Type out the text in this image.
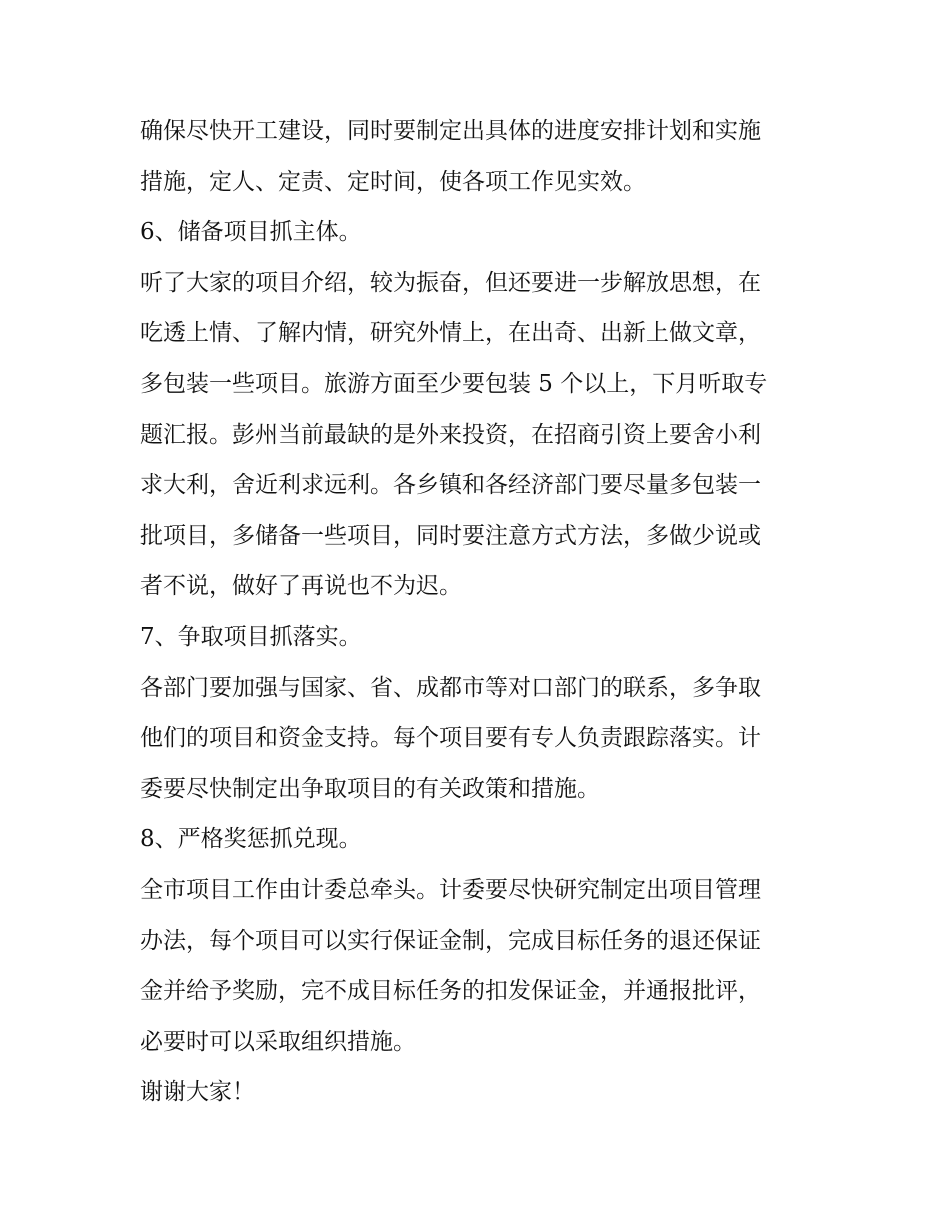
确保尽快开工建设，同时要制定出具体的进度安排计划和实施
措施，定人、定责、定时间，使各项工作见实效。
6、储备项目抓主体。
听了大家的项目介绍，较为振奋，但还要进一步解放思想，在
吃透上情、了解内情，研究外情上，在出奇、出新上做文章，
多包装一些项目。旅游方面至少要包装 5 个以上，下月听取专
题汇报。彭州当前最缺的是外来投资，在招商引资上要舍小利
求大利，舍近利求远利。各乡镇和各经济部门要尽量多包装一
批项目，多储备一些项目，同时要注意方式方法，多做少说或
者不说，做好了再说也不为迟。
7、争取项目抓落实。
各部门要加强与国家、省、成都市等对口部门的联系，多争取
他们的项目和资金支持。每个项目要有专人负责跟踪落实。计
委要尽快制定出争取项目的有关政策和措施。
8、严格奖惩抓兑现。
全市项目工作由计委总牵头。计委要尽快研究制定出项目管理
办法，每个项目可以实行保证金制，完成目标任务的退还保证
金并给予奖励，完不成目标任务的扣发保证金，并通报批评，
必要时可以采取组织措施。
谢谢大家！
